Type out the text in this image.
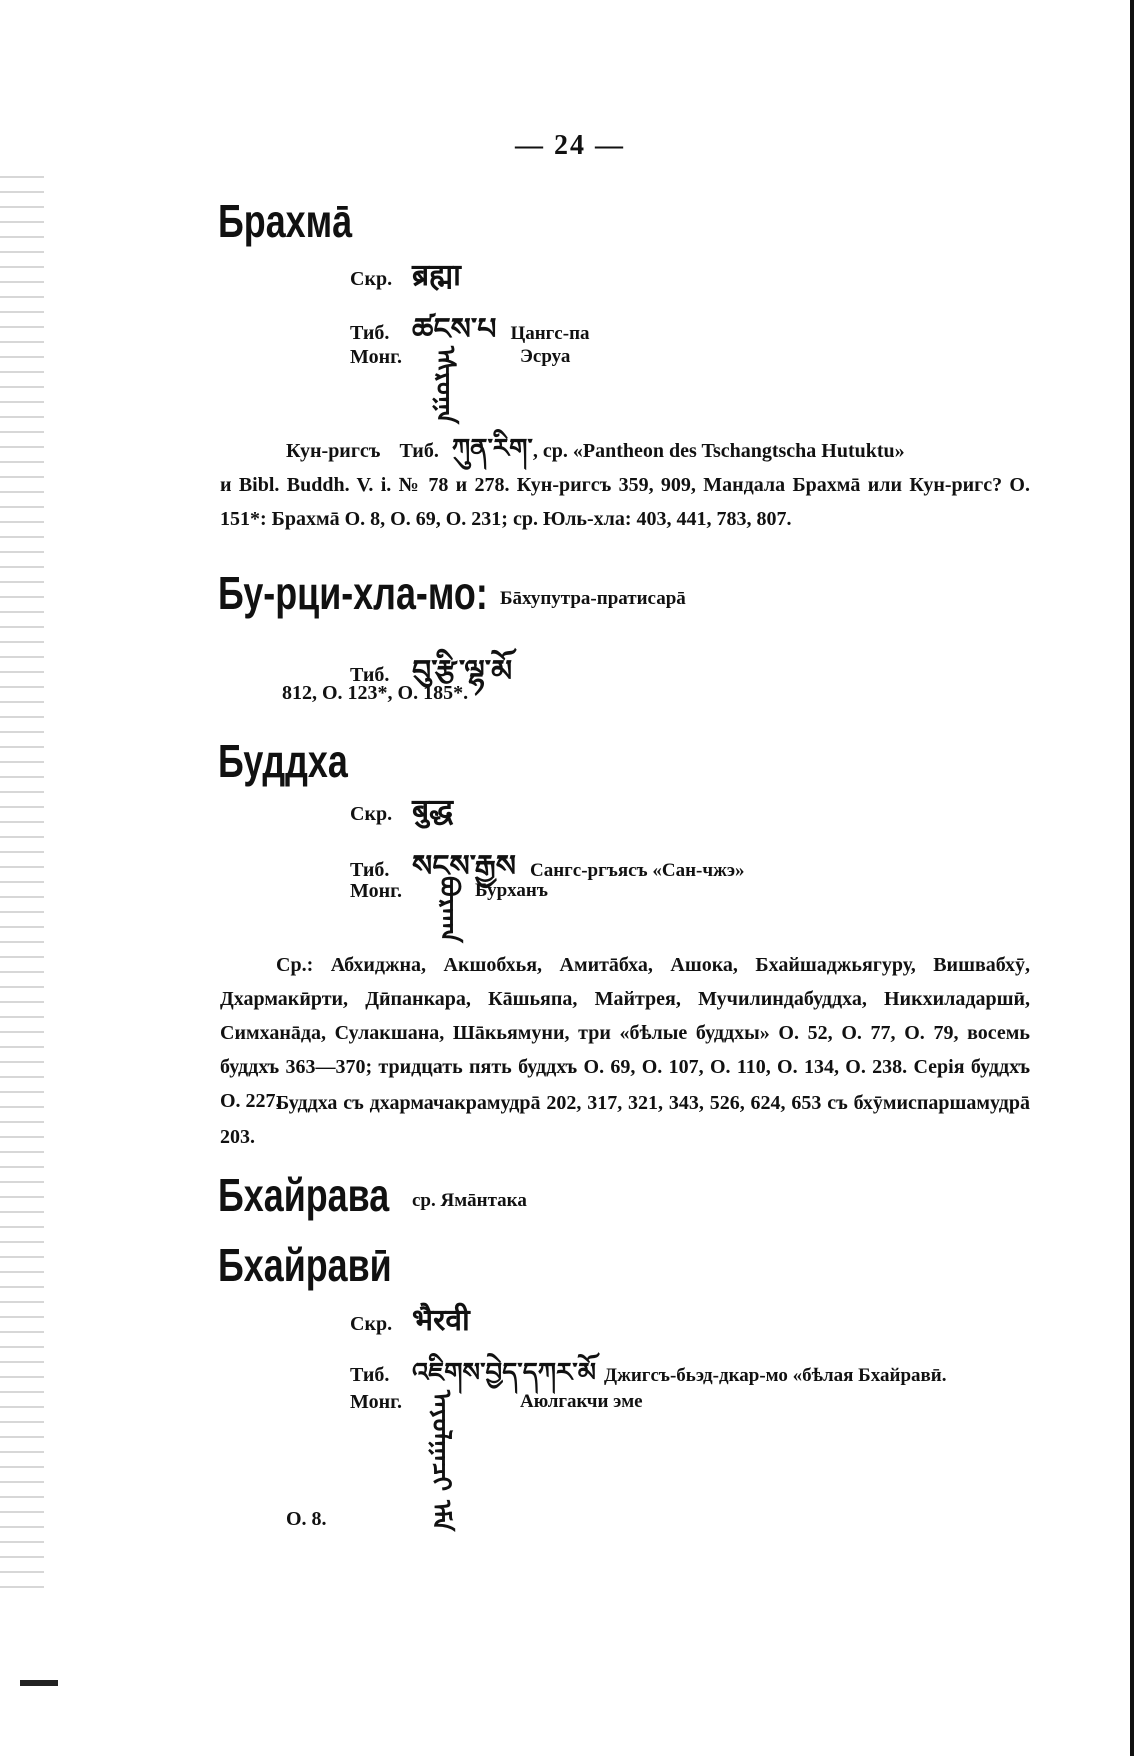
— 24 —
Брахмā
Скр. ब्रह्मा
Тиб. ཚངས་པ Цангс-па
Монг.	Эсруа
ᠡᠰᠷᠦᠭᠠ
Кун-ригсъ Тиб. ཀུན་རིག་, ср. «Pantheon des Tschangtscha Hutuktu»
и Bibl. Buddh. V. i. № 78 и 278. Кун-ригсъ 359, 909, Мандала Брахмā или Кун-ригс? O. 151*: Брахмā O. 8, O. 69, O. 231; ср. Юль-хла: 403, 441, 783, 807.
Бу-рци-хла-мо: Бāхупутра-пратисарā
Тиб. བུ་རྩི་ལྷ་མོ
812, O. 123*, O. 185*.
Буддха
Скр. बुद्ध
Тиб. སངས་རྒྱས Сангс-ргъясъ «Сан-чжэ»
Монг.	Бурханъ
ᠪᠤᠷᠬᠠᠨ
Ср.: Абхиджна, Акшобхья, Амитāбха, Ашока, Бхайшаджьягуру, Вишвабхӯ, Дхармакӣрти, Дӣпанкара, Кāшьяпа, Майтрея, Мучилиндабуддха, Никхиладаршӣ, Симханāда, Сулакшана, Шāкьямуни, три «бѣлые буддхы» O. 52, O. 77, O. 79, восемь буддхъ 363—370; тридцать пять буддхъ O. 69, O. 107, O. 110, O. 134, O. 238. Серiя буддхъ O. 227.
Буддха съ дхармачакрамудрā 202, 317, 321, 343, 526, 624, 653 съ бхӯмиспаршамудрā 203.
Бхайрава ср. Ямāнтака
Бхайравӣ
Скр. भैरवी
Тиб. འཇིགས་བྱེད་དཀར་མོ Джигсъ-бьэд-дкар-мо «бѣлая Бхайравӣ.
Монг.	Аюлгакчи эме
ᠠᠶᠤᠯᠭᠠᠴᠢ ᠡᠮᠡ
O. 8.
